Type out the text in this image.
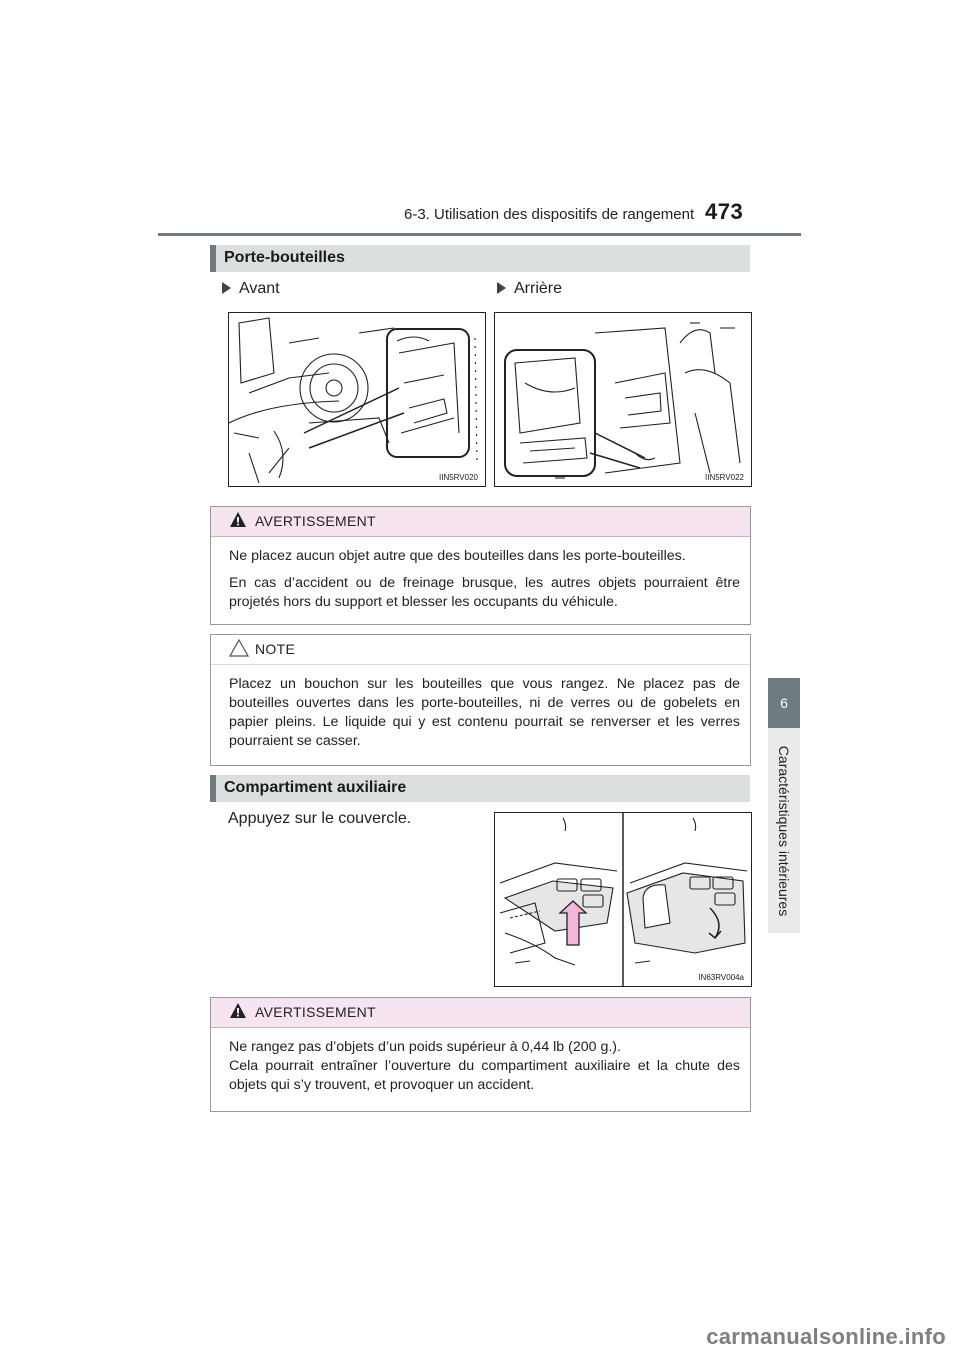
6-3. Utilisation des dispositifs de rangement 473
6
Caractéristiques intérieures
Porte-bouteilles
Avant	Arrière
IIN5RV020	IIN5RV022
AVERTISSEMENT

Ne placez aucun objet autre que des bouteilles dans les porte-bouteilles.

En cas d’accident ou de freinage brusque, les autres objets pourraient être projetés hors du support et blesser les occupants du véhicule.

NOTE

Placez un bouchon sur les bouteilles que vous rangez. Ne placez pas de bouteilles ouvertes dans les porte-bouteilles, ni de verres ou de gobelets en papier pleins. Le liquide qui y est contenu pourrait se renverser et les verres pourraient se casser.

Compartiment auxiliaire
Appuyez sur le couvercle.
IN63RV004a
AVERTISSEMENT

Ne rangez pas d’objets d’un poids supérieur à 0,44 lb (200 g.).

Cela pourrait entraîner l’ouverture du compartiment auxiliaire et la chute des objets qui s’y trouvent, et provoquer un accident.

carmanualsonline.info
